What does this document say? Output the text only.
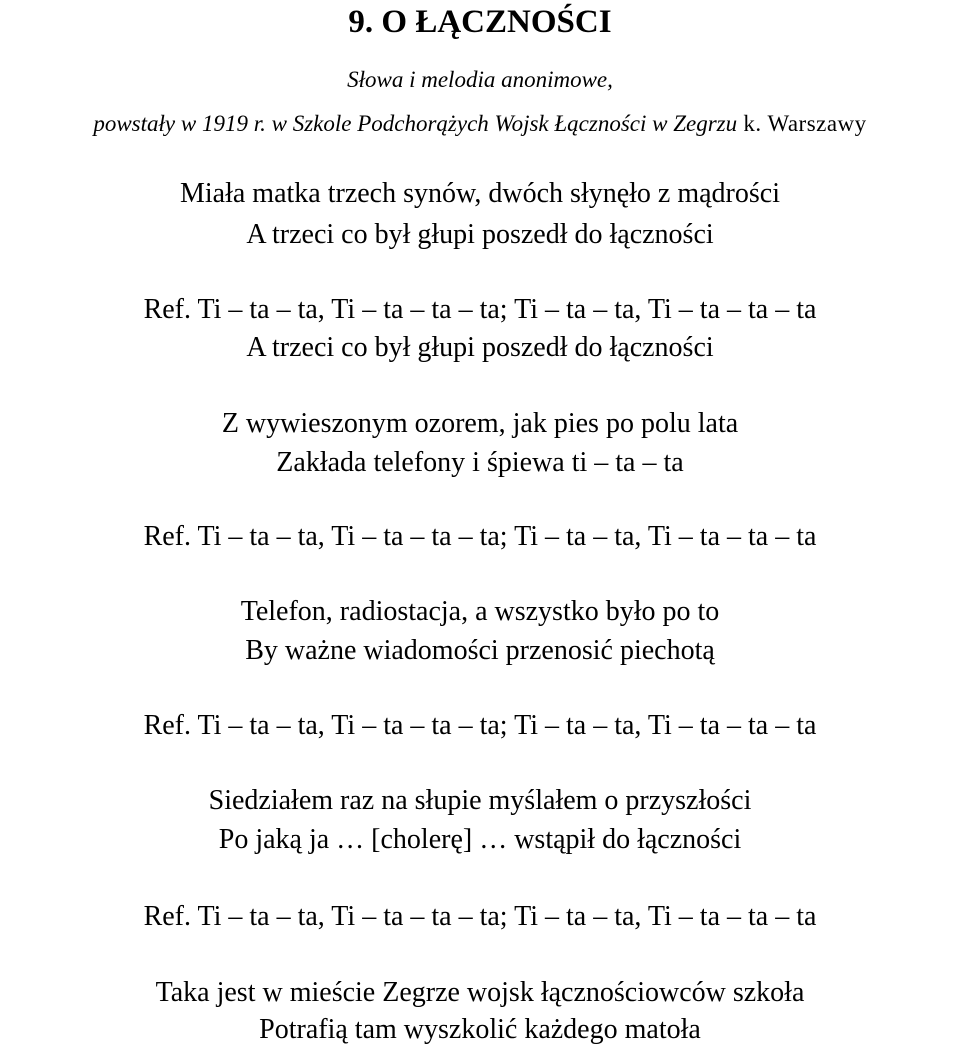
9. O ŁĄCZNOŚCI
Słowa i melodia anonimowe,
powstały w 1919 r. w Szkole Podchorążych Wojsk Łączności w Zegrzu k. Warszawy
Miała matka trzech synów, dwóch słynęło z mądrości
A trzeci co był głupi poszedł do łączności
Ref. Ti – ta – ta, Ti – ta – ta – ta; Ti – ta – ta, Ti – ta – ta – ta
A trzeci co był głupi poszedł do łączności
Z wywieszonym ozorem, jak pies po polu lata
Zakłada telefony i śpiewa ti – ta – ta
Ref. Ti – ta – ta, Ti – ta – ta – ta; Ti – ta – ta, Ti – ta – ta – ta
Telefon, radiostacja, a wszystko było po to
By ważne wiadomości przenosić piechotą
Ref. Ti – ta – ta, Ti – ta – ta – ta; Ti – ta – ta, Ti – ta – ta – ta
Siedziałem raz na słupie myślałem o przyszłości
Po jaką ja … [cholerę] … wstąpił do łączności
Ref. Ti – ta – ta, Ti – ta – ta – ta; Ti – ta – ta, Ti – ta – ta – ta
Taka jest w mieście Zegrze wojsk łącznościowców szkoła
Potrafią tam wyszkolić każdego matoła
